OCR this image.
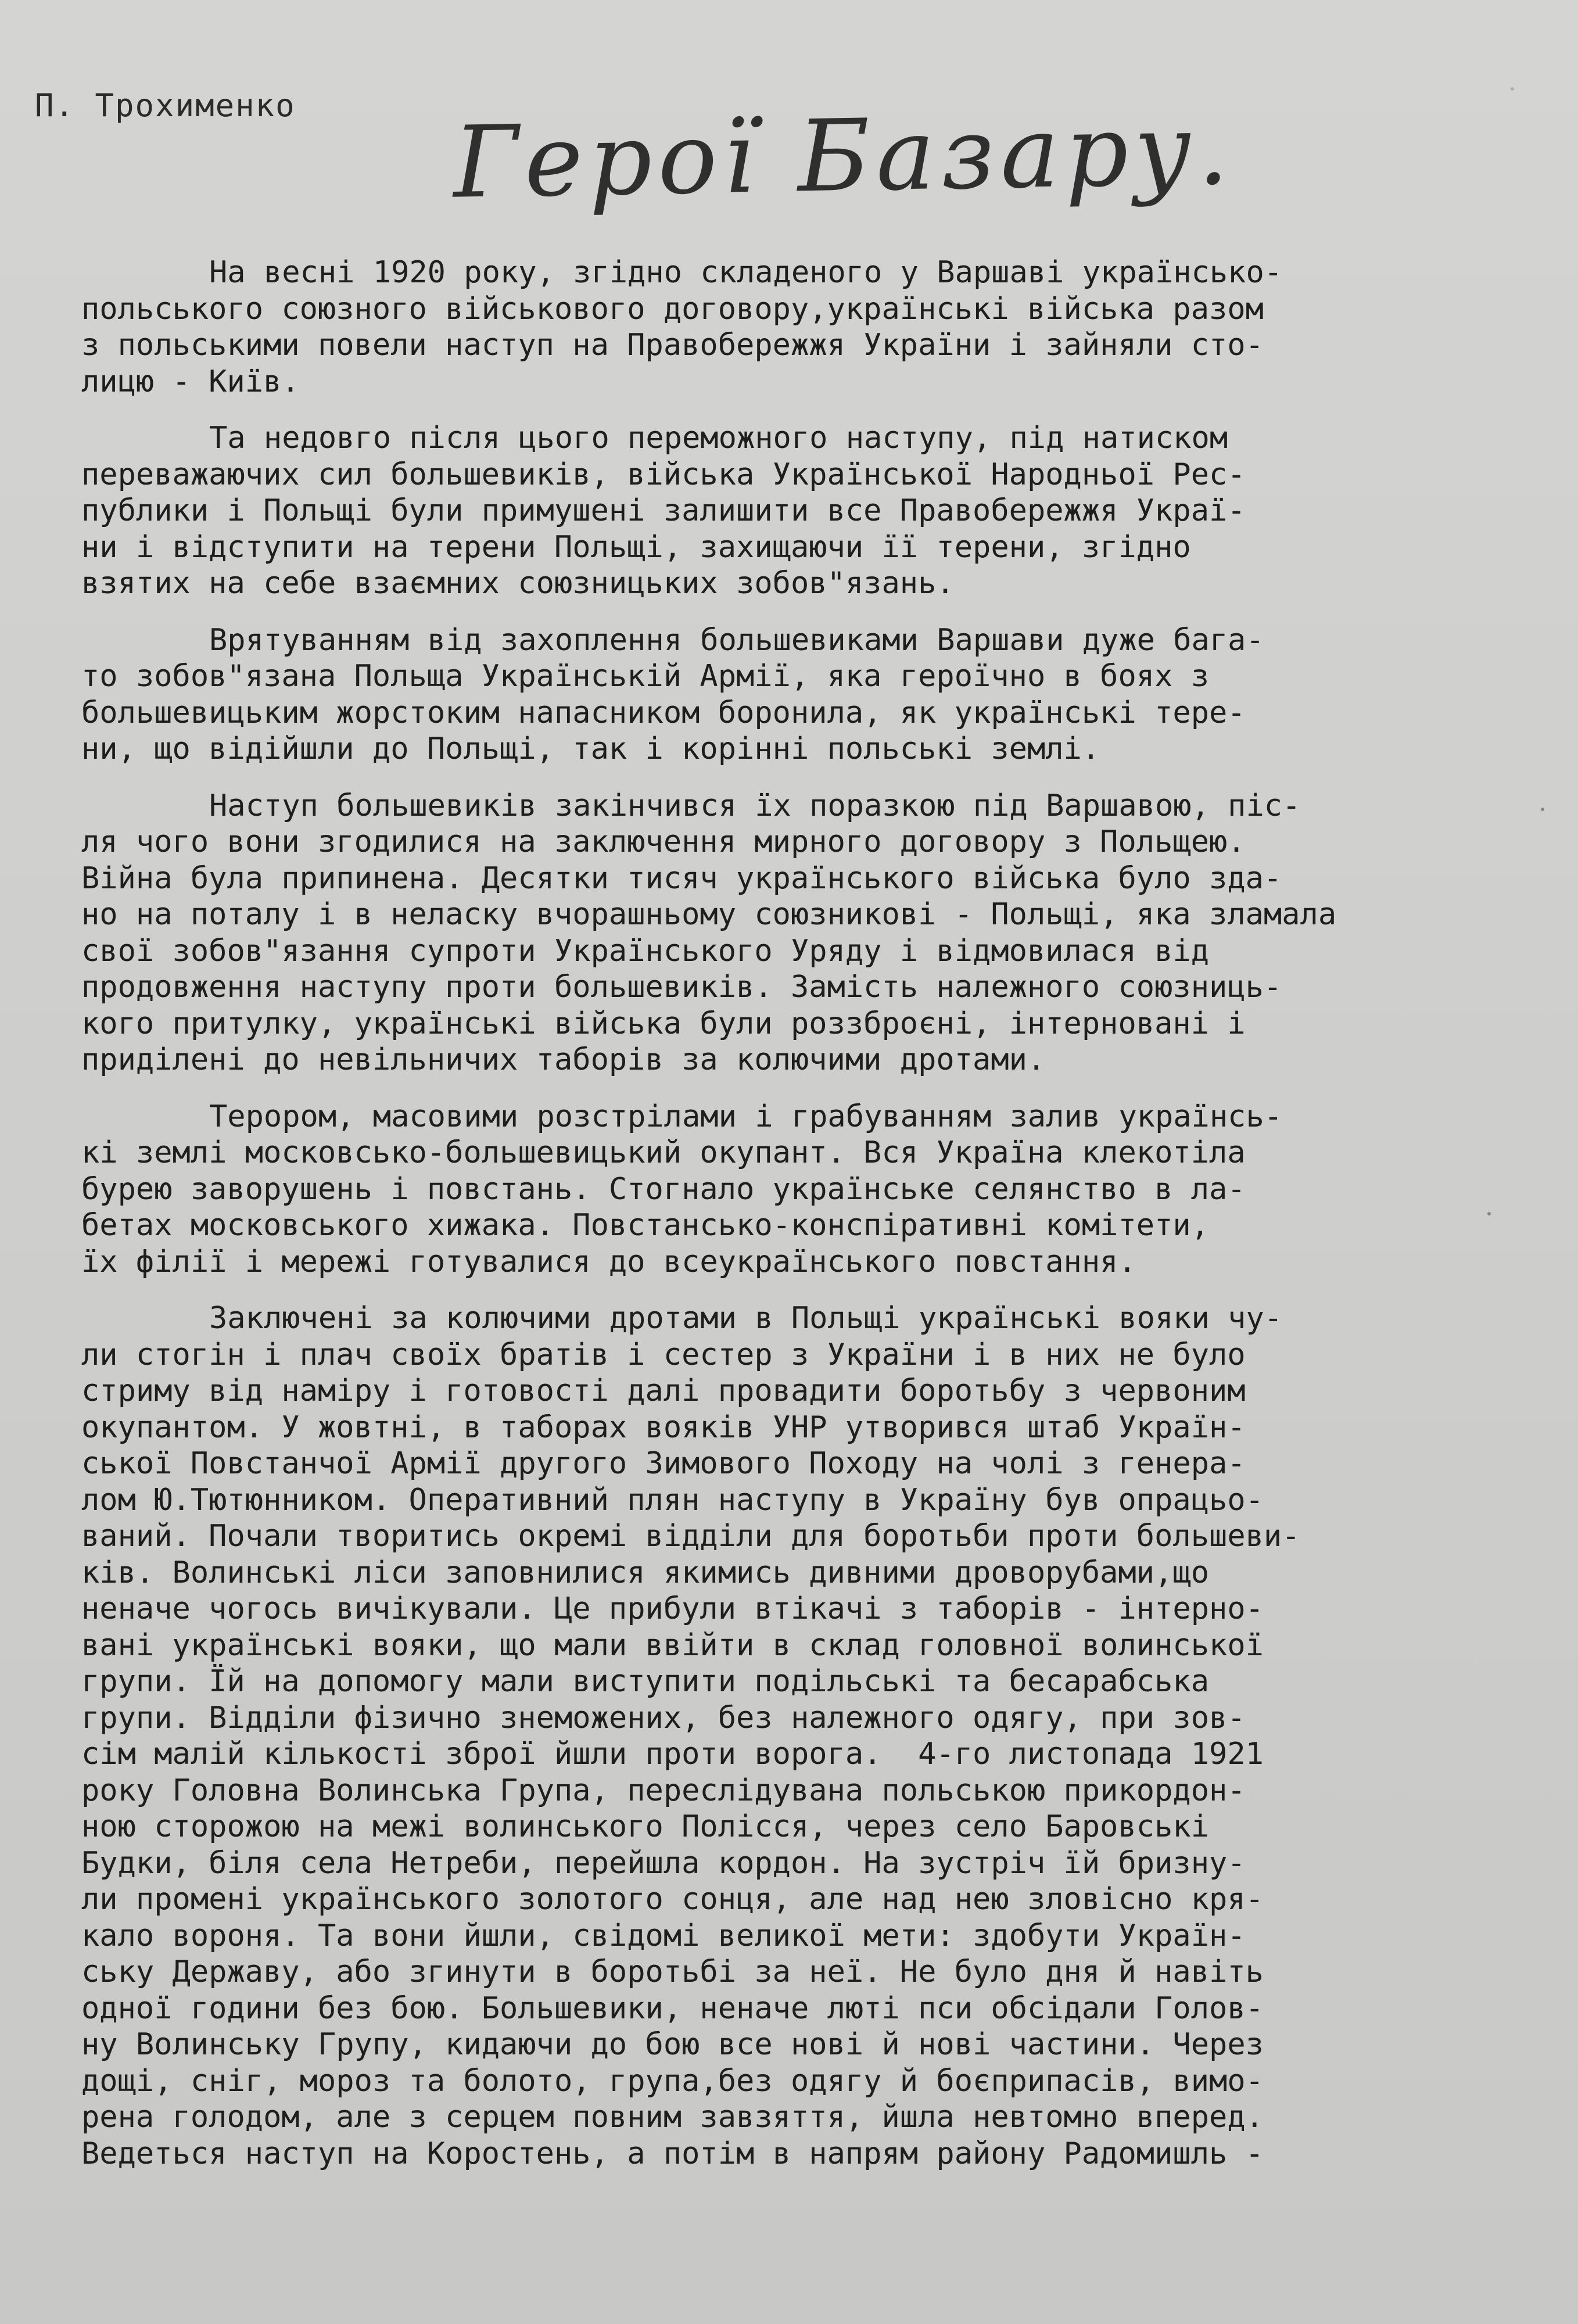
П. Трохименко Герої Базару.
На весні 1920 року, згідно складеного у Варшаві українсько-
польського союзного військового договору,українські війська разом
з польськими повели наступ на Правобережжя України і зайняли сто-
лицю - Київ.
Та недовго після цього переможного наступу, під натиском
переважаючих сил большевиків, війська Української Народньої Рес-
публики і Польщі були примушені залишити все Правобережжя Украї-
ни і відступити на терени Польщі, захищаючи її терени, згідно
взятих на себе взаємних союзницьких зобов"язань.
Врятуванням від захоплення большевиками Варшави дуже бага-
то зобов"язана Польща Українській Армії, яка героїчно в боях з
большевицьким жорстоким напасником боронила, як українські тере-
ни, що відійшли до Польщі, так і корінні польські землі.
Наступ большевиків закінчився їх поразкою під Варшавою, піс-
ля чого вони згодилися на заключення мирного договору з Польщею.
Війна була припинена. Десятки тисяч українського війська було зда-
но на поталу і в неласку вчорашньому союзникові - Польщі, яка зламала
свої зобов"язання супроти Українського Уряду і відмовилася від
продовження наступу проти большевиків. Замість належного союзниць-
кого притулку, українські війська були роззброєні, інтерновані і
приділені до невільничих таборів за колючими дротами.
Терором, масовими розстрілами і грабуванням залив українсь-
кі землі московсько-большевицький окупант. Вся Україна клекотіла
бурею заворушень і повстань. Стогнало українське селянство в ла-
бетах московського хижака. Повстансько-конспіративні комітети,
їх філії і мережі готувалися до всеукраїнського повстання.
Заключені за колючими дротами в Польщі українські вояки чу-
ли стогін і плач своїх братів і сестер з України і в них не було
стриму від наміру і готовості далі провадити боротьбу з червоним
окупантом. У жовтні, в таборах вояків УНР утворився штаб Україн-
ської Повстанчої Армії другого Зимового Походу на чолі з генера-
лом Ю.Тютюнником. Оперативний плян наступу в Україну був опрацьо-
ваний. Почали творитись окремі відділи для боротьби проти большеви-
ків. Волинські ліси заповнилися якимись дивними дроворубами,що
неначе чогось вичікували. Це прибули втікачі з таборів - інтерно-
вані українські вояки, що мали ввійти в склад головної волинської
групи. Їй на допомогу мали виступити подільські та бесарабська
групи. Відділи фізично знеможених, без належного одягу, при зов-
сім малій кількості зброї йшли проти ворога.  4-го листопада 1921
року Головна Волинська Група, переслідувана польською прикордон-
ною сторожою на межі волинського Полісся, через село Баровські
Будки, біля села Нетреби, перейшла кордон. На зустріч їй бризну-
ли промені українського золотого сонця, але над нею зловісно кря-
кало вороня. Та вони йшли, свідомі великої мети: здобути Україн-
ську Державу, або згинути в боротьбі за неї. Не було дня й навіть
одної години без бою. Большевики, неначе люті пси обсідали Голов-
ну Волинську Групу, кидаючи до бою все нові й нові частини. Через
дощі, сніг, мороз та болото, група,без одягу й боєприпасів, вимо-
рена голодом, але з серцем повним завзяття, йшла невтомно вперед.
Ведеться наступ на Коростень, а потім в напрям району Радомишль -
